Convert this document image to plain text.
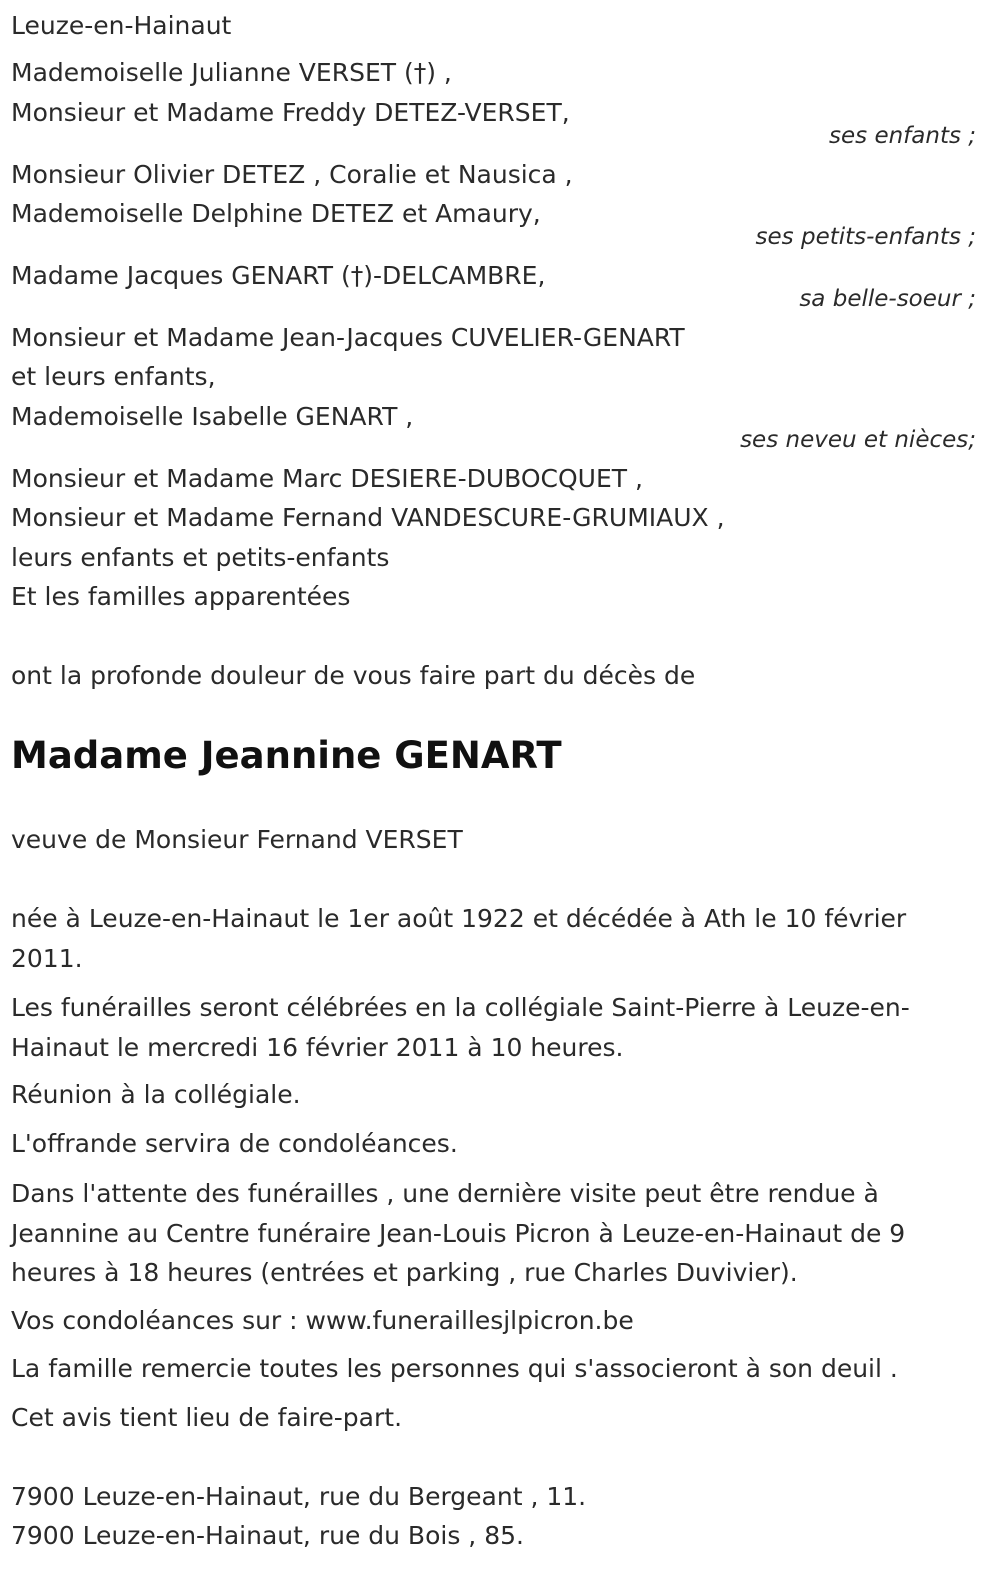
Leuze-en-Hainaut
Mademoiselle Julianne VERSET (†) ,
Monsieur et Madame Freddy DETEZ-VERSET,
ses enfants ;
Monsieur Olivier DETEZ , Coralie et Nausica ,
Mademoiselle Delphine DETEZ et Amaury,
ses petits-enfants ;
Madame Jacques GENART (†)-DELCAMBRE,
sa belle-soeur ;
Monsieur et Madame Jean-Jacques CUVELIER-GENART
et leurs enfants,
Mademoiselle Isabelle GENART ,
ses neveu et nièces;
Monsieur et Madame Marc DESIERE-DUBOCQUET ,
Monsieur et Madame Fernand VANDESCURE-GRUMIAUX ,
leurs enfants et petits-enfants
Et les familles apparentées
ont la profonde douleur de vous faire part du décès de
Madame Jeannine GENART
veuve de Monsieur Fernand VERSET
née à Leuze-en-Hainaut le 1er août 1922 et décédée à Ath le 10 février 2011.
Les funérailles seront célébrées en la collégiale Saint-Pierre à Leuze-en-Hainaut le mercredi 16 février 2011 à 10 heures.
Réunion à la collégiale.
L'offrande servira de condoléances.
Dans l'attente des funérailles , une dernière visite peut être rendue à Jeannine au Centre funéraire Jean-Louis Picron à Leuze-en-Hainaut de 9 heures à 18 heures (entrées et parking , rue Charles Duvivier).
Vos condoléances sur : www.funeraillesjlpicron.be
La famille remercie toutes les personnes qui s'associeront à son deuil .
Cet avis tient lieu de faire-part.
7900 Leuze-en-Hainaut, rue du Bergeant , 11.
7900 Leuze-en-Hainaut, rue du Bois , 85.
